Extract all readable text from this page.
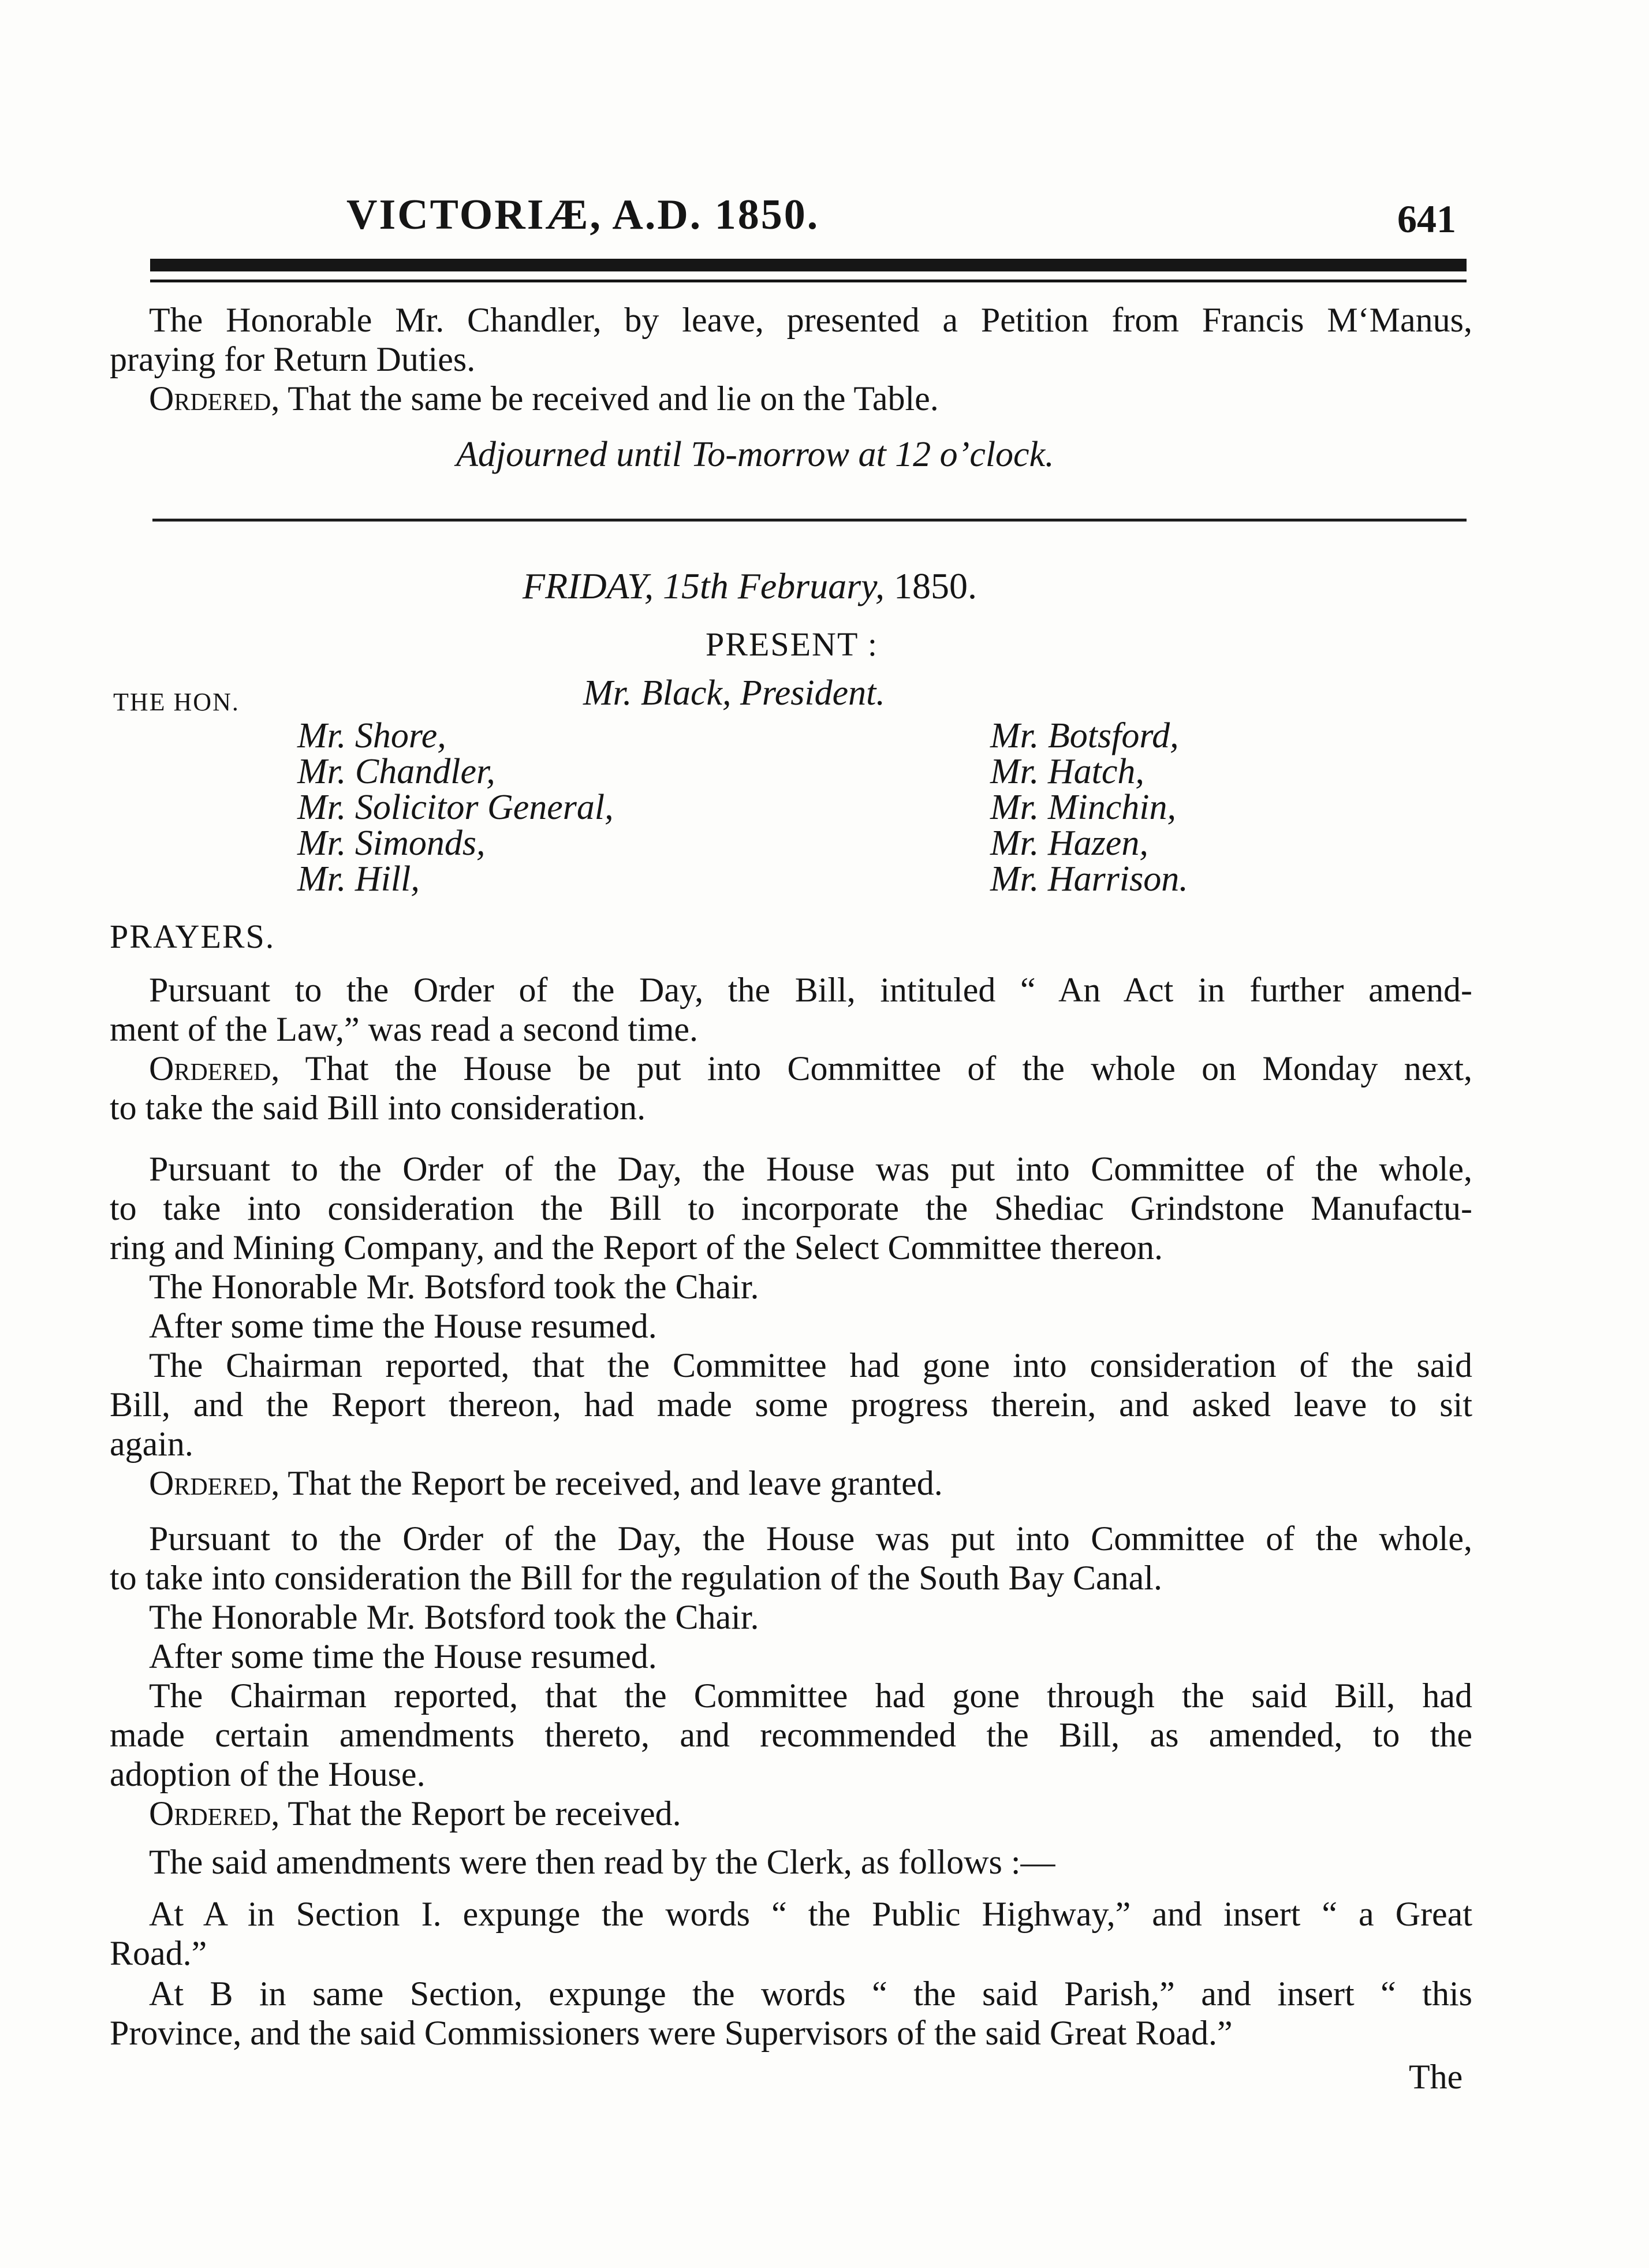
VICTORIÆ, A.D. 1850.	641
The Honorable Mr. Chandler, by leave, presented a Petition from Francis M‘Manus,
praying for Return Duties.
Ordered, That the same be received and lie on the Table.
Adjourned until To-morrow at 12 o’clock.
FRIDAY, 15th February, 1850.
PRESENT :
THE HON.	Mr. Black, President.
Mr. Shore,
Mr. Chandler,
Mr. Solicitor General,
Mr. Simonds,
Mr. Hill,
Mr. Botsford,
Mr. Hatch,
Mr. Minchin,
Mr. Hazen,
Mr. Harrison.
PRAYERS.
Pursuant to the Order of the Day, the Bill, intituled “ An Act in further amend-
ment of the Law,” was read a second time.
Ordered, That the House be put into Committee of the whole on Monday next,
to take the said Bill into consideration.
Pursuant to the Order of the Day, the House was put into Committee of the whole,
to take into consideration the Bill to incorporate the Shediac Grindstone Manufactu-
ring and Mining Company, and the Report of the Select Committee thereon.
The Honorable Mr. Botsford took the Chair.
After some time the House resumed.
The Chairman reported, that the Committee had gone into consideration of the said
Bill, and the Report thereon, had made some progress therein, and asked leave to sit
again.
Ordered, That the Report be received, and leave granted.
Pursuant to the Order of the Day, the House was put into Committee of the whole,
to take into consideration the Bill for the regulation of the South Bay Canal.
The Honorable Mr. Botsford took the Chair.
After some time the House resumed.
The Chairman reported, that the Committee had gone through the said Bill, had
made certain amendments thereto, and recommended the Bill, as amended, to the
adoption of the House.
Ordered, That the Report be received.
The said amendments were then read by the Clerk, as follows :—
At A in Section I. expunge the words “ the Public Highway,” and insert “ a Great
Road.”
At B in same Section, expunge the words “ the said Parish,” and insert “ this
Province, and the said Commissioners were Supervisors of the said Great Road.”
The
